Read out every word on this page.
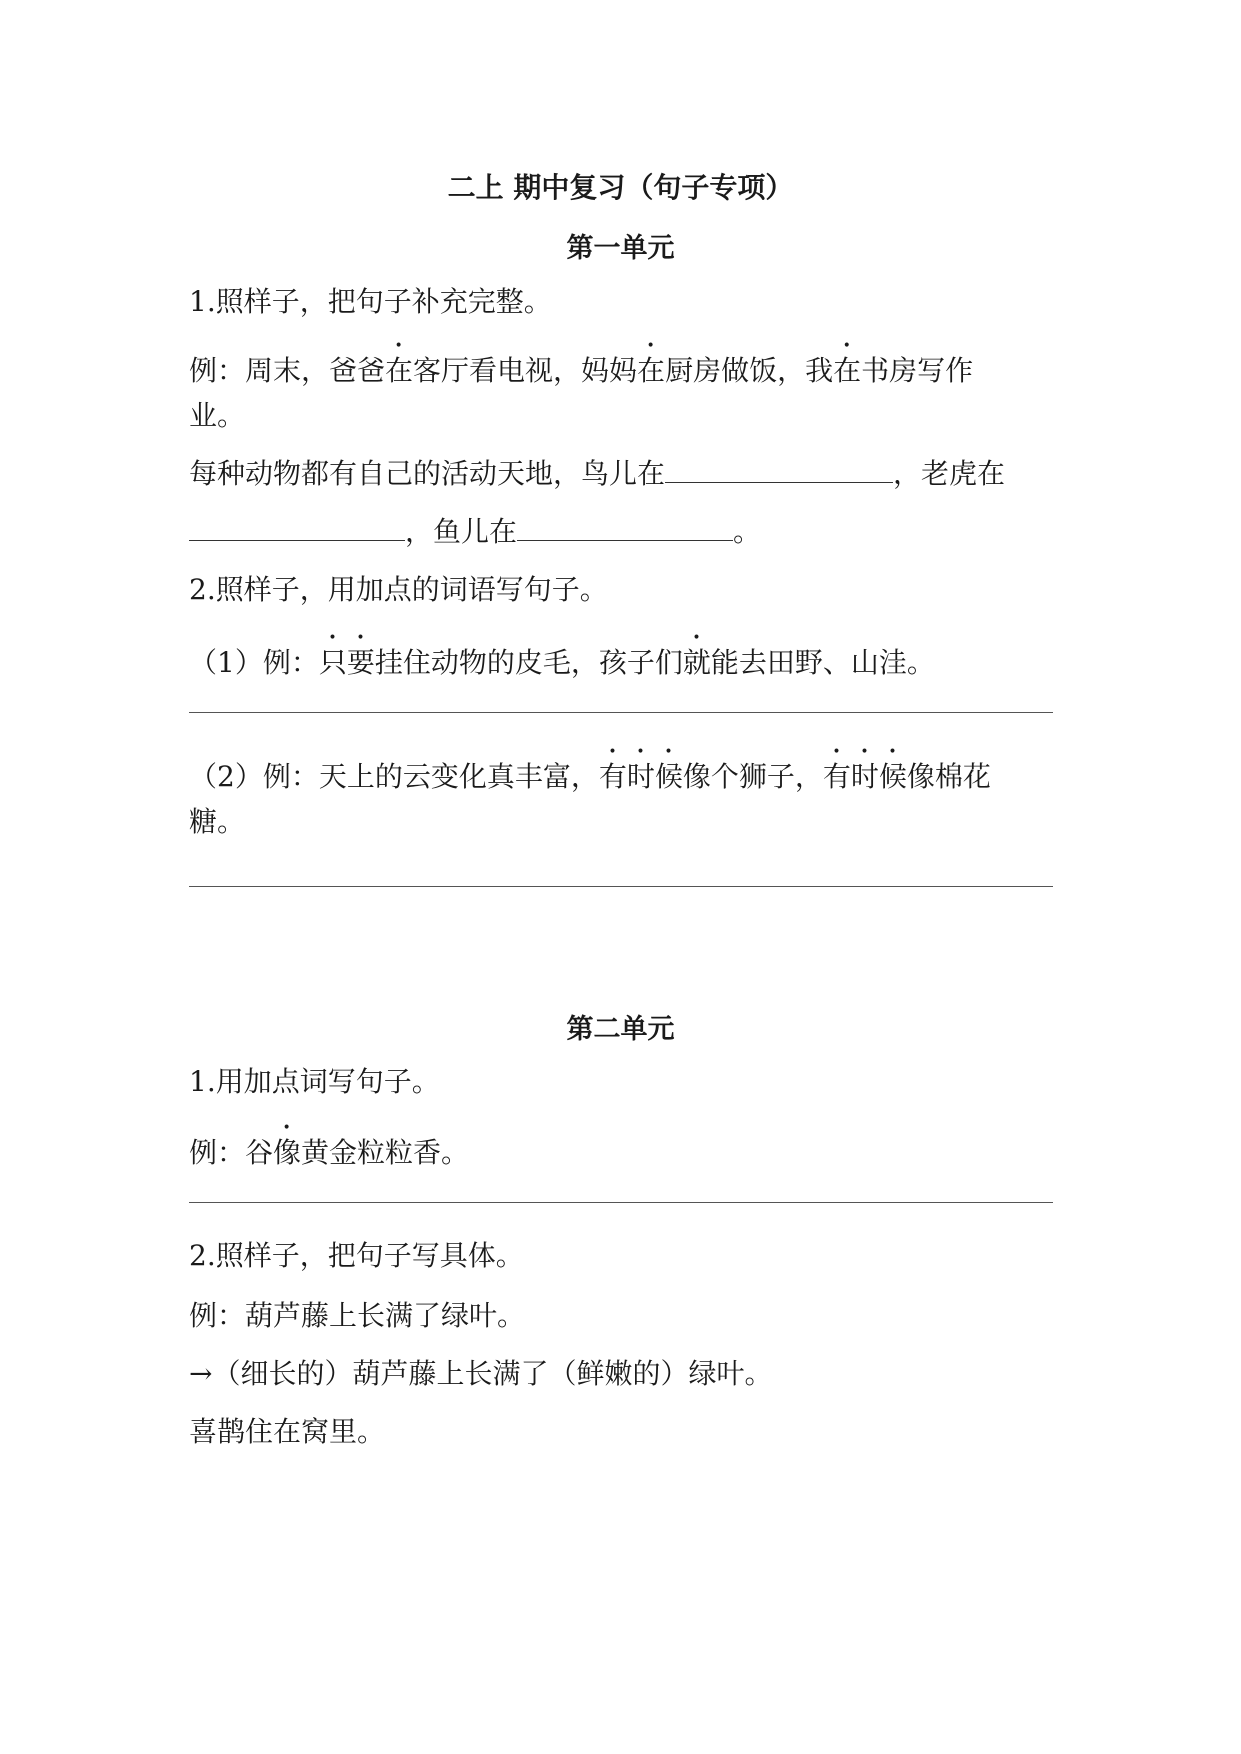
二上 期中复习（句子专项）
第一单元
1.照样子，把句子补充完整。
例：周末，爸爸在客厅看电视，妈妈在厨房做饭，我在书房写作
业。
每种动物都有自己的活动天地，鸟儿在	，老虎在
，鱼儿在	。
2.照样子，用加点的词语写句子。
（1）例：只要挂住动物的皮毛，孩子们就能去田野、山洼。
（2）例：天上的云变化真丰富，有时候像个狮子，有时候像棉花
糖。
第二单元
1.用加点词写句子。
例：谷像黄金粒粒香。
2.照样子，把句子写具体。
例：葫芦藤上长满了绿叶。
→（细长的）葫芦藤上长满了（鲜嫩的）绿叶。
喜鹊住在窝里。
